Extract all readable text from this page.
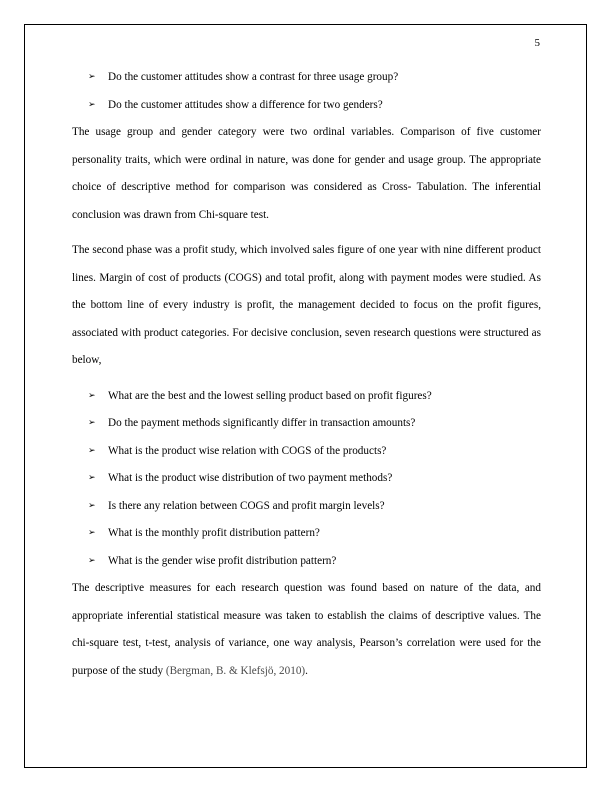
5
➢ Do the customer attitudes show a contrast for three usage group?
➢ Do the customer attitudes show a difference for two genders?

The usage group and gender category were two ordinal variables. Comparison of five customer personality traits, which were ordinal in nature, was done for gender and usage group. The appropriate choice of descriptive method for comparison was considered as Cross- Tabulation. The inferential conclusion was drawn from Chi-square test.

The second phase was a profit study, which involved sales figure of one year with nine different product lines. Margin of cost of products (COGS) and total profit, along with payment modes were studied. As the bottom line of every industry is profit, the management decided to focus on the profit figures, associated with product categories. For decisive conclusion, seven research questions were structured as below,

➢ What are the best and the lowest selling product based on profit figures?
➢ Do the payment methods significantly differ in transaction amounts?
➢ What is the product wise relation with COGS of the products?
➢ What is the product wise distribution of two payment methods?
➢ Is there any relation between COGS and profit margin levels?
➢ What is the monthly profit distribution pattern?
➢ What is the gender wise profit distribution pattern?

The descriptive measures for each research question was found based on nature of the data, and appropriate inferential statistical measure was taken to establish the claims of descriptive values. The chi-square test, t-test, analysis of variance, one way analysis, Pearson’s correlation were used for the purpose of the study (Bergman, B. & Klefsjö, 2010).
